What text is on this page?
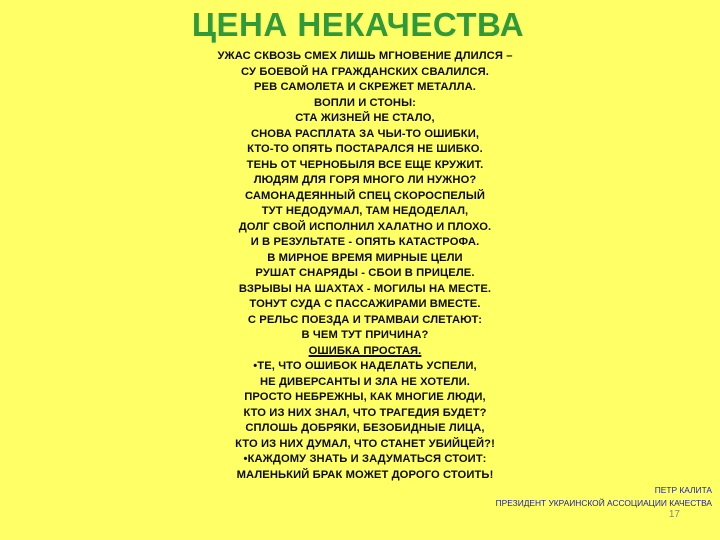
ЦЕНА НЕКАЧЕСТВА
УЖАС СКВОЗЬ СМЕХ ЛИШЬ МГНОВЕНИЕ ДЛИЛСЯ –
СУ БОЕВОЙ НА ГРАЖДАНСКИХ СВАЛИЛСЯ.
РЕВ САМОЛЕТА И СКРЕЖЕТ МЕТАЛЛА.
ВОПЛИ И СТОНЫ:
СТА ЖИЗНЕЙ НЕ СТАЛО,
СНОВА РАСПЛАТА ЗА ЧЬИ-ТО ОШИБКИ,
КТО-ТО ОПЯТЬ ПОСТАРАЛСЯ НЕ ШИБКО.
ТЕНЬ ОТ ЧЕРНОБЫЛЯ ВСЕ ЕЩЕ КРУЖИТ.
ЛЮДЯМ ДЛЯ ГОРЯ МНОГО ЛИ НУЖНО?
САМОНАДЕЯННЫЙ СПЕЦ СКОРОСПЕЛЫЙ
ТУТ НЕДОДУМАЛ, ТАМ НЕДОДЕЛАЛ,
ДОЛГ СВОЙ ИСПОЛНИЛ ХАЛАТНО И ПЛОХО.
И В РЕЗУЛЬТАТЕ - ОПЯТЬ КАТАСТРОФА.
В МИРНОЕ ВРЕМЯ МИРНЫЕ ЦЕЛИ
РУШАТ СНАРЯДЫ - СБОИ В ПРИЦЕЛЕ.
ВЗРЫВЫ НА ШАХТАХ - МОГИЛЫ НА МЕСТЕ.
ТОНУТ СУДА С ПАССАЖИРАМИ ВМЕСТЕ.
С РЕЛЬС ПОЕЗДА И ТРАМВАИ СЛЕТАЮТ:
В ЧЕМ ТУТ ПРИЧИНА?
ОШИБКА ПРОСТАЯ.
•ТЕ, ЧТО ОШИБОК НАДЕЛАТЬ УСПЕЛИ,
НЕ ДИВЕРСАНТЫ И ЗЛА НЕ ХОТЕЛИ.
ПРОСТО НЕБРЕЖНЫ, КАК МНОГИЕ ЛЮДИ,
КТО ИЗ НИХ ЗНАЛ, ЧТО ТРАГЕДИЯ БУДЕТ?
СПЛОШЬ ДОБРЯКИ, БЕЗОБИДНЫЕ ЛИЦА,
КТО ИЗ НИХ ДУМАЛ, ЧТО СТАНЕТ УБИЙЦЕЙ?!
•КАЖДОМУ ЗНАТЬ И ЗАДУМАТЬСЯ СТОИТ:
МАЛЕНЬКИЙ БРАК МОЖЕТ ДОРОГО СТОИТЬ!
ПЕТР КАЛИТА
ПРЕЗИДЕНТ УКРАИНСКОЙ АССОЦИАЦИИ КАЧЕСТВА
17
